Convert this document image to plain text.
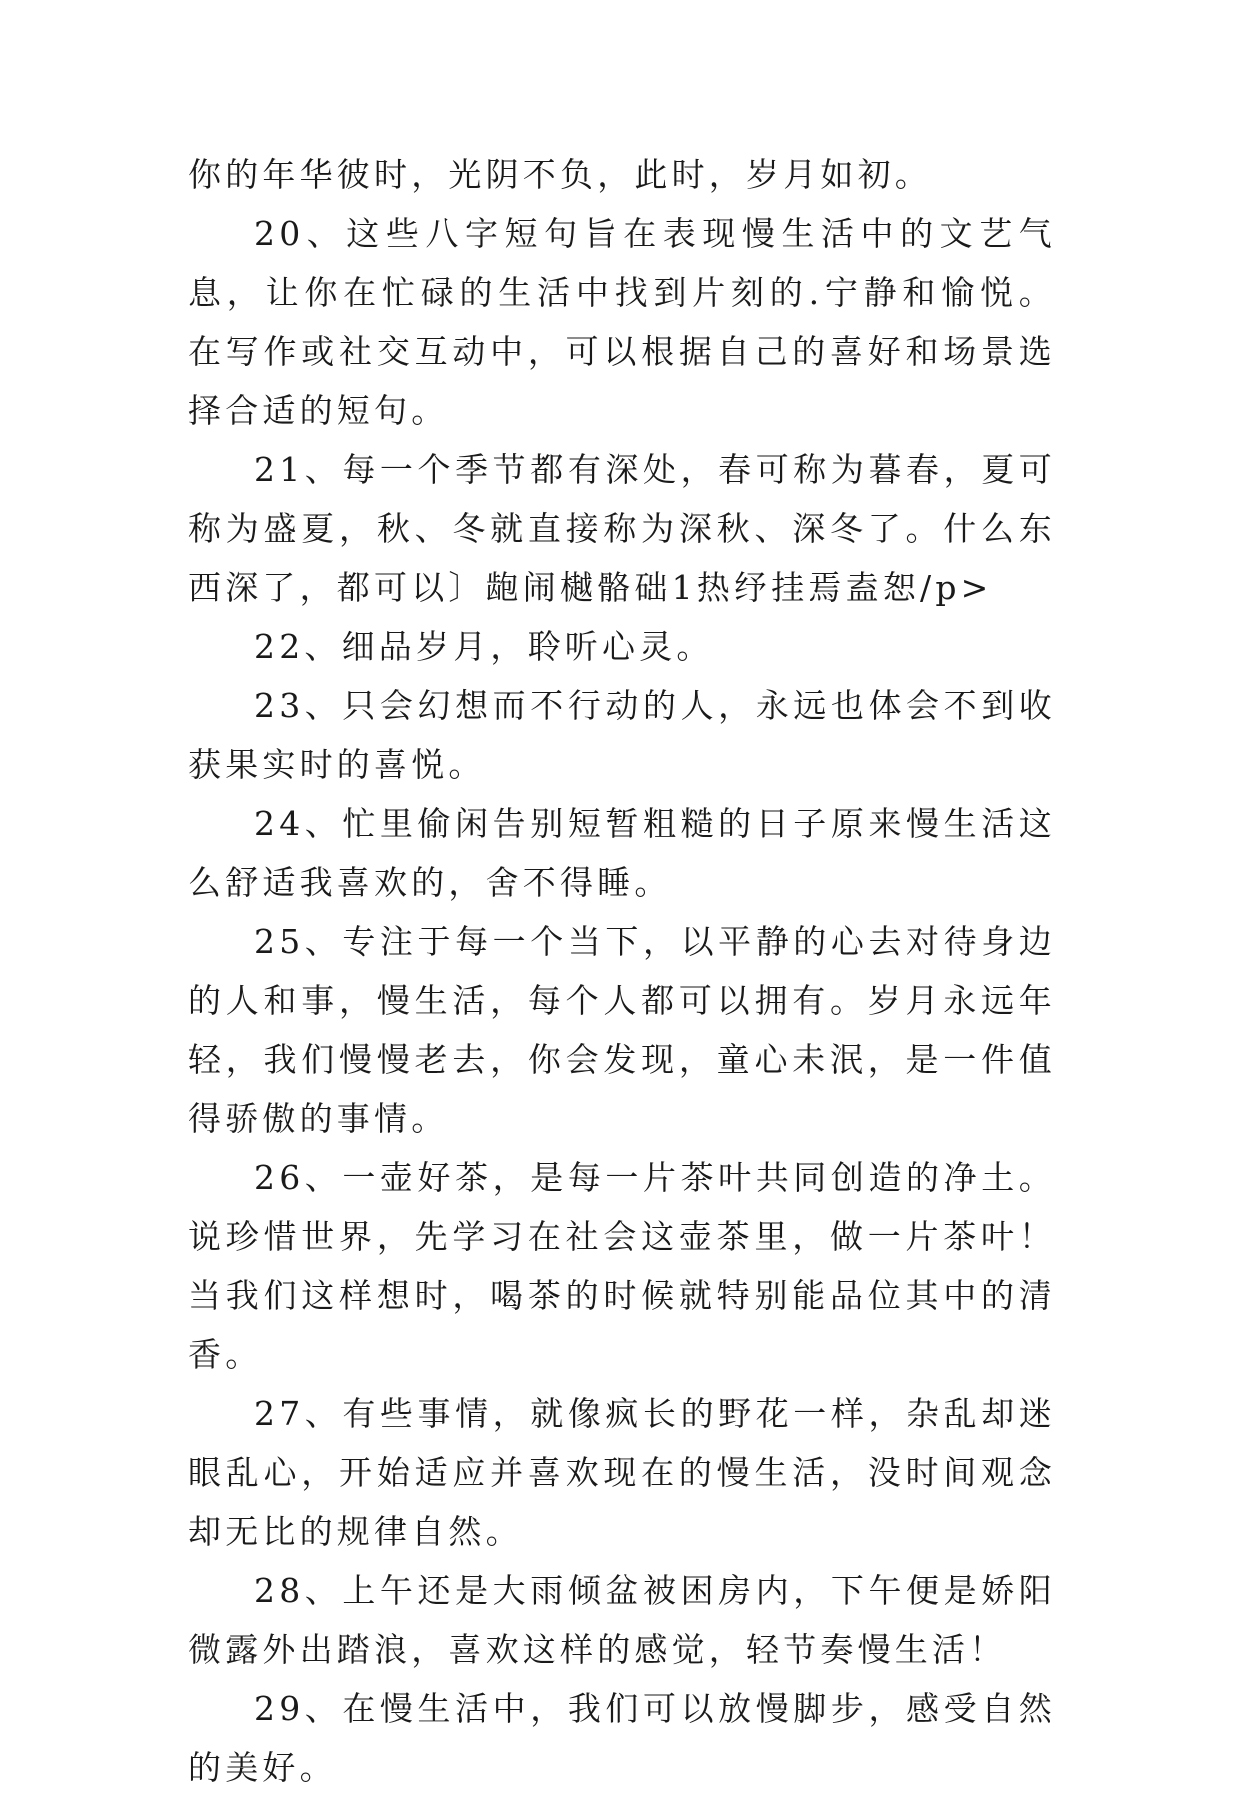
你的年华彼时，光阴不负，此时，岁月如初。

20、这些八字短句旨在表现慢生活中的文艺气息，让你在忙碌的生活中找到片刻的.宁静和愉悦。在写作或社交互动中，可以根据自己的喜好和场景选择合适的短句。

21、每一个季节都有深处，春可称为暮春，夏可称为盛夏，秋、冬就直接称为深秋、深冬了。什么东西深了，都可以〕龅闹樾骼础1热纾挂焉盍恕/p>

22、细品岁月，聆听心灵。

23、只会幻想而不行动的人，永远也体会不到收获果实时的喜悦。

24、忙里偷闲告别短暂粗糙的日子原来慢生活这么舒适我喜欢的，舍不得睡。

25、专注于每一个当下，以平静的心去对待身边的人和事，慢生活，每个人都可以拥有。岁月永远年轻，我们慢慢老去，你会发现，童心未泯，是一件值得骄傲的事情。

26、一壶好茶，是每一片茶叶共同创造的净土。说珍惜世界，先学习在社会这壶茶里，做一片茶叶！当我们这样想时，喝茶的时候就特别能品位其中的清香。

27、有些事情，就像疯长的野花一样，杂乱却迷眼乱心，开始适应并喜欢现在的慢生活，没时间观念却无比的规律自然。

28、上午还是大雨倾盆被困房内，下午便是娇阳微露外出踏浪，喜欢这样的感觉，轻节奏慢生活！

29、在慢生活中，我们可以放慢脚步，感受自然的美好。
